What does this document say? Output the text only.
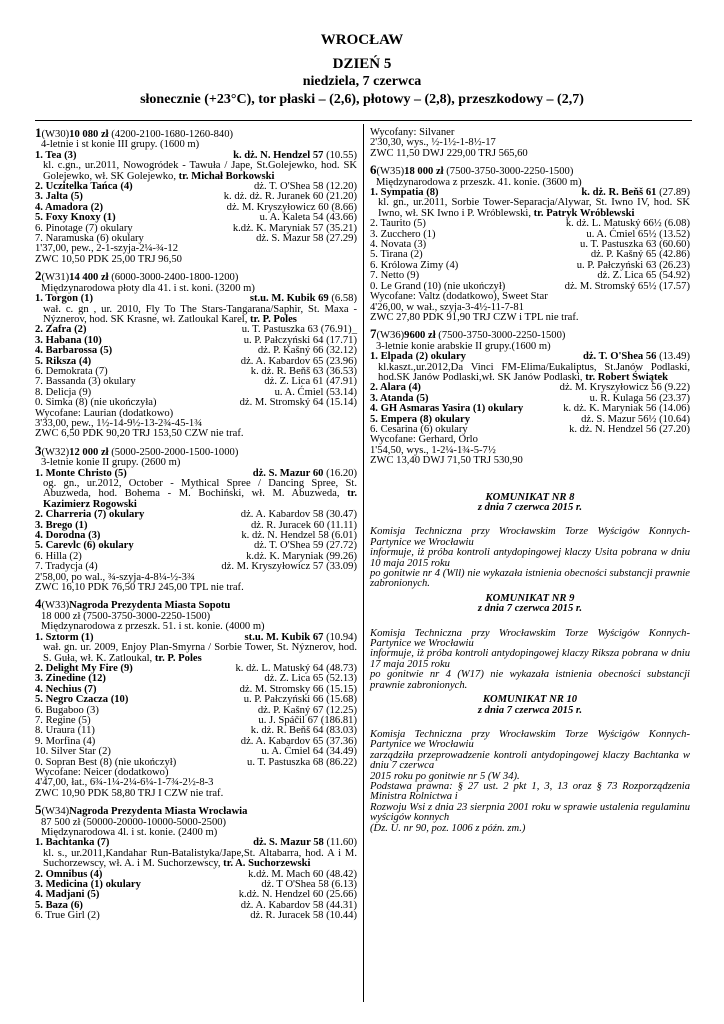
WROCŁAW
DZIEŃ 5
niedziela, 7 czerwca
słonecznie (+23°C), tor płaski – (2,6), płotowy – (2,8), przeszkodowy – (2,7)
1(W30)10 080 zł (4200-2100-1680-1260-840)
4-letnie i st konie III grupy. (1600 m)
1. Tea (3)	k. dż. N. Hendzel 57 (10.55)
kl. c.gn., ur.2011, Nowogródek - Tawuła / Jape, St.Golejewko, hod. SK Golejewko, wł. SK Golejewko, tr. Michał Borkowski
2. Uczitelka Tańca (4)	dż. T. O'Shea 58 (12.20)
3. Jalta (5)	k. dż. dż. R. Juranek 60 (21.20)
4. Amadora (2)	dż. M. Kryszyłowicz 60 (8.66)
5. Foxy Knoxy (1)	u. A. Kaleta 54 (43.66)
6. Pinotage (7) okulary	k.dż. K. Maryniak 57 (35.21)
7. Naramuska (6) okulary	dż. S. Mazur 58 (27.29)
1'37,00, pew., 2-1-szyja-2¼-¾-12
ZWC 10,50 PDK 25,00 TRJ 96,50
2(W31)14 400 zł (6000-3000-2400-1800-1200)
Międzynarodowa płoty dla 41. i st. koni. (3200 m)
1. Torgon (1)	st.u. M. Kubik 69 (6.58)
wał. c. gn , ur. 2010, Fly To The Stars-Tangarana/Saphir, St. Maxa -Nýznerov, hod. SK Krasne, wł. Zatloukal Karel, tr. P. Poles
2. Zafra (2)	u. T. Pastuszka 63 (76.91)_
3. Habana (10)	u. P. Pałczyński 64 (17.71)
4. Barbarossa (5)	dż. P. Kašný 66 (32.12)
5. Riksza (4)	dż. A. Kabardov 65 (23.96)
6. Demokrata (7)	k. dż. R. Beňš 63 (36.53)
7. Bassanda (3) okulary	dż. Z. Lica 61 (47.91)
8. Delicja (9)	u. A. Ćmiel (53.14)
0. Simka (8) (nie ukończyła)	dż. M. Stromský 64 (15.14)
Wycofane: Laurian (dodatkowo)
3'33,00, pew., 1½-14-9½-13-2¾-45-1¾
ZWC 6,50 PDK 90,20 TRJ 153,50 CZW nie traf.
3(W32)12 000 zł (5000-2500-2000-1500-1000)
3-letnie konie II grupy. (2600 m)
1. Monte Christo (5)	dż. S. Mazur 60 (16.20)
og. gn., ur.2012, October - Mythical Spree / Dancing Spree, St. Abuzweda, hod. Bohema - M. Bochiński, wł. M. Abuzweda, tr. Kazimierz Rogowski
2. Charreria (7) okulary	dż. A. Kabardov 58 (30.47)
3. Brego (1)	dż. R. Juracek 60 (11.11)
4. Dorodna (3)	k. dż. N. Hendzel 58 (6.01)
5. Carevlc (6) okulary	dż. T. O'Shea 59 (27.72)
6. Hilla (2)	k.dż. K. Maryniak (99.26)
7. Tradycja (4)	dż. M. Kryszyłowicz 57 (33.09)
2'58,00, po wal., ¾-szyja-4-8¼-½-3¾
ZWC 16,10 PDK 76,50 TRJ 245,00 TPL nie traf.
4(W33)Nagroda Prezydenta Miasta Sopotu
18 000 zł (7500-3750-3000-2250-1500)
Międzynarodowa z przeszk. 51. i st. konie. (4000 m)
1. Sztorm (1)	st.u. M. Kubik 67 (10.94)
wał. gn. ur. 2009, Enjoy Plan-Smyrna / Sorbie Tower, St. Nýznerov, hod. S. Guła, wł. K. Zatloukal, tr. P. Poles
2. Delight My Fire (9)	k. dż. L. Matuský 64 (48.73)
3. Zinedine (12)	dż. Z. Lica 65 (52.13)
4. Nechius (7)	dż. M. Stromsky 66 (15.15)
5. Negro Czacza (10)	u. P. Pałczyński 66 (15.68)
6. Bugaboo (3)	dż. P. Kašný 67 (12.25)
7. Regine (5)	u. J. Spáčil 67 (186.81)
8. Uraura (11)	k. dż. R. Beňš 64 (83.03)
9. Morfina (4)	dż. A. Kabardov 65 (37.36)
10. Silver Star (2)	u. A. Ćmiel 64 (34.49)
0. Sopran Best (8) (nie ukończył)	u. T. Pastuszka 68 (86.22)
Wycofane: Neicer (dodatkowo)
4'47,00, łat., 6¾-1¼-2¼-6¼-1-7¾-2½-8-3
ZWC 10,90 PDK 58,80 TRJ I CZW nie traf.
5(W34)Nagroda Prezydenta Miasta Wrocławia
87 500 zł (50000-20000-10000-5000-2500)
Międzynarodowa 4l. i st. konie. (2400 m)
1. Bachtanka (7)	dż. S. Mazur 58 (11.60)
kl. s., ur.2011,Kandahar Run-Batalistyka/Jape,St. Altabarra, hod. A i M. Suchorzewscy, wł. A. i M. Suchorzewscy, tr. A. Suchorzewski
2. Omnibus (4)	k.dż. M. Mach 60 (48.42)
3. Medicina (1) okulary	dż. T O'Shea 58 (6.13)
4. Madjani (5)	k.dż. N. Hendzel 60 (25.66)
5. Baza (6)	dż. A. Kabardov 58 (44.31)
6. True Girl (2)	dż. R. Juracek 58 (10.44)
Wycofany: Silvaner
2'30,30, wys., ½-1½-1-8½-17
ZWC 11,50 DWJ 229,00 TRJ 565,60
6(W35)18 000 zł (7500-3750-3000-2250-1500)
Międzynarodowa z przeszk. 41. konie. (3600 m)
1. Sympatia (8)	k. dż. R. Beňš 61 (27.89)
kl. gn., ur.2011, Sorbie Tower-Separacja/Alywar, St. Iwno IV, hod. SK Iwno, wł. SK Iwno i P. Wróblewski, tr. Patryk Wróblewski
2. Taurito (5)	k. dż. L. Matuský 66½ (6.08)
3. Zucchero (1)	u. A. Ćmiel 65½ (13.52)
4. Novata (3)	u. T. Pastuszka 63 (60.60)
5. Tirana (2)	dż. P. Kašný 65 (42.86)
6. Królowa Zimy (4)	u. P. Pałczyński 63 (26.23)
7. Netto (9)	dż. Z. Lica 65 (54.92)
0. Le Grand (10) (nie ukończył)	dż. M. Stromský 65½ (17.57)
Wycofane: Valtz (dodatkowo), Sweet Star
4'26,00, w wał., szyja-3-4½-11-7-81
ZWC 27,80 PDK 91,90 TRJ CZW i TPL nie traf.
7(W36)9600 zł (7500-3750-3000-2250-1500)
3-letnie konie arabskie II grupy.(1600 m)
1. Elpada (2) okulary	dż. T. O'Shea 56 (13.49)
kl.kaszt.,ur.2012,Da Vinci FM-Elima/Eukaliptus, St.Janów Podlaski, hod.SK Janów Podlaski,wł. SK Janów Podlaski, tr. Robert Świątek
2. Alara (4)	dż. M. Kryszyłowicz 56 (9.22)
3. Atanda (5)	u. R. Kulaga 56 (23.37)
4. GH Asmaras Yasira (1) okulary	k. dż. K. Maryniak 56 (14.06)
5. Empera (8) okulary	dż. S. Mazur 56½ (10.64)
6. Cesarina (6) okulary	k. dż. N. Hendzel 56 (27.20)
Wycofane: Gerhard, Orlo
1'54,50, wys., 1-2¼-1¾-5-7½
ZWC 13,40 DWJ 71,50 TRJ 530,90
KOMUNIKAT NR 8
z dnia 7 czerwca 2015 r.

Komisja Techniczna przy Wrocławskim Torze Wyścigów Konnych-Partynice we Wrocławiu

informuje, iż próba kontroli antydopingowej klaczy Usita pobrana w dniu 10 maja 2015 roku

po gonitwie nr 4 (Wll) nie wykazała istnienia obecności substancji prawnie zabronionych.

KOMUNIKAT NR 9
z dnia 7 czerwca 2015 r.

Komisja Techniczna przy Wrocławskim Torze Wyścigów Konnych-Partynice we Wrocławiu

informuje, iż próba kontroli antydopingowej klaczy Riksza pobrana w dniu 17 maja 2015 roku

po gonitwie nr 4 (W17) nie wykazała istnienia obecności substancji prawnie zabronionych.

KOMUNIKAT NR 10
z dnia 7 czerwca 2015 r.

Komisja Techniczna przy Wrocławskim Torze Wyścigów Konnych-Partynice we Wrocławiu

zarządziła przeprowadzenie kontroli antydopingowej klaczy Bachtanka w dniu 7 czerwca

2015 roku po gonitwie nr 5 (W 34).

Podstawa prawna: § 27 ust. 2 pkt 1, 3, 13 oraz § 73 Rozporządzenia Ministra Rolnictwa i

Rozwoju Wsi z dnia 23 sierpnia 2001 roku w sprawie ustalenia regulaminu wyścigów konnych

(Dz. U. nr 90, poz. 1006 z późn. zm.)
